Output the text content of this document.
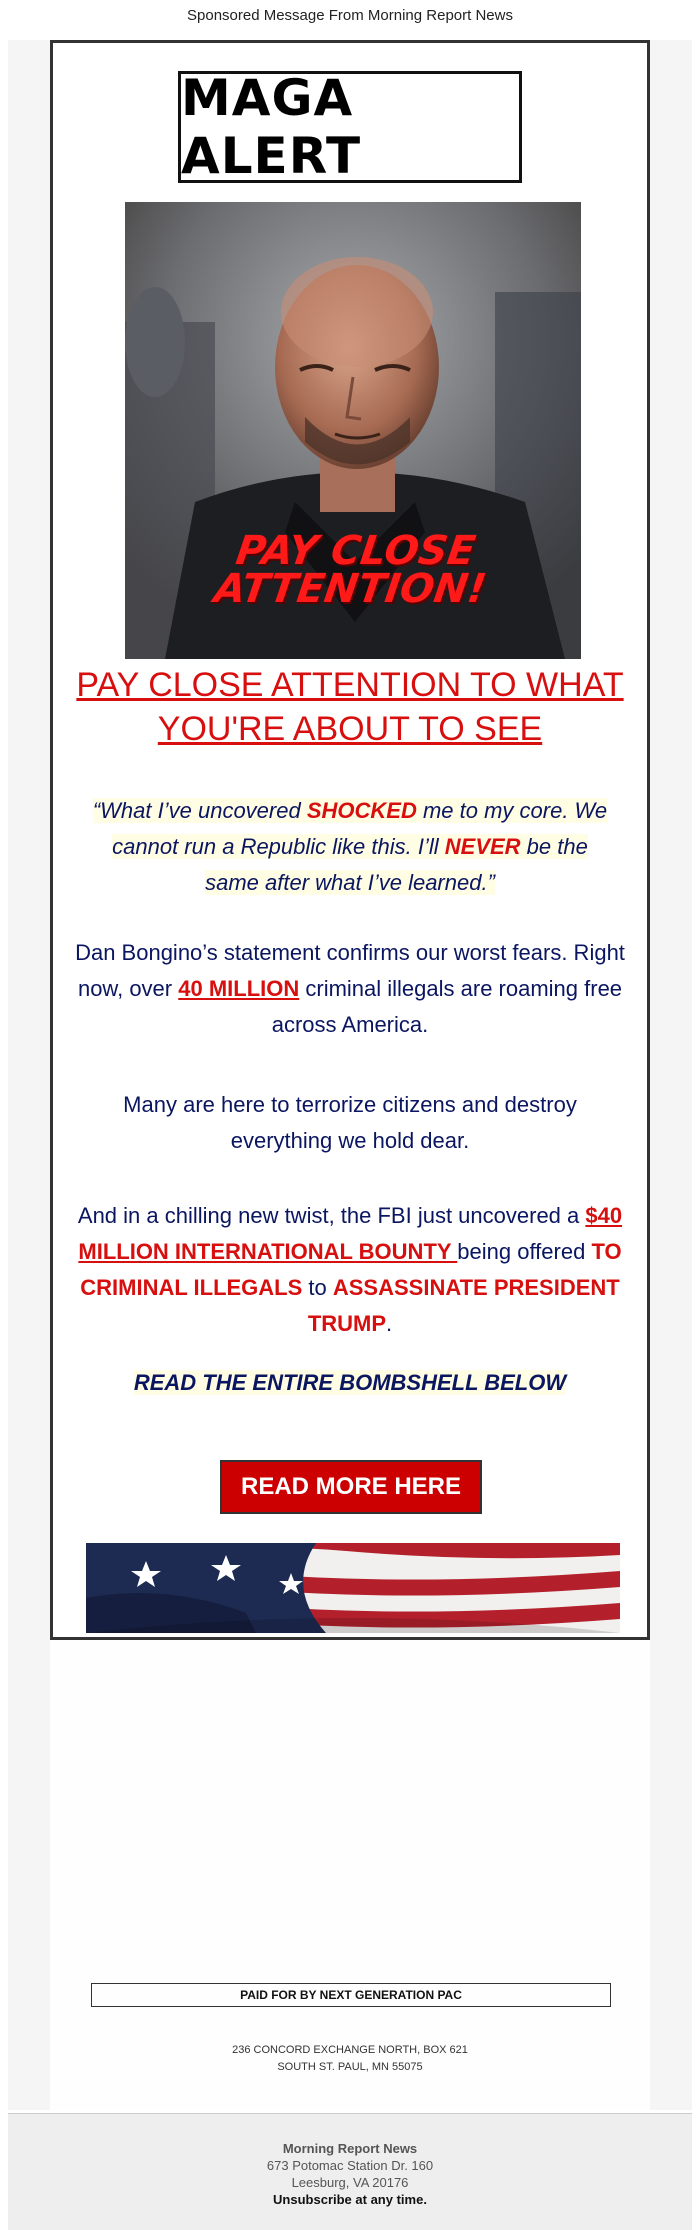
Sponsored Message From Morning Report News
MAGA ALERT
PAY CLOSE
ATTENTION!
PAY CLOSE ATTENTION TO WHAT YOU'RE ABOUT TO SEE
“What I’ve uncovered SHOCKED me to my core. We cannot run a Republic like this. I’ll NEVER be the same after what I’ve learned.”
Dan Bongino’s statement confirms our worst fears. Right now, over 40 MILLION criminal illegals are roaming free across America.
Many are here to terrorize citizens and destroy everything we hold dear.
And in a chilling new twist, the FBI just uncovered a $40 MILLION INTERNATIONAL BOUNTY being offered TO CRIMINAL ILLEGALS to ASSASSINATE PRESIDENT TRUMP.
READ THE ENTIRE BOMBSHELL BELOW
READ MORE HERE
PAID FOR BY NEXT GENERATION PAC
236 CONCORD EXCHANGE NORTH, BOX 621
SOUTH ST. PAUL, MN 55075
Morning Report News
673 Potomac Station Dr. 160
Leesburg, VA 20176
Unsubscribe at any time.
